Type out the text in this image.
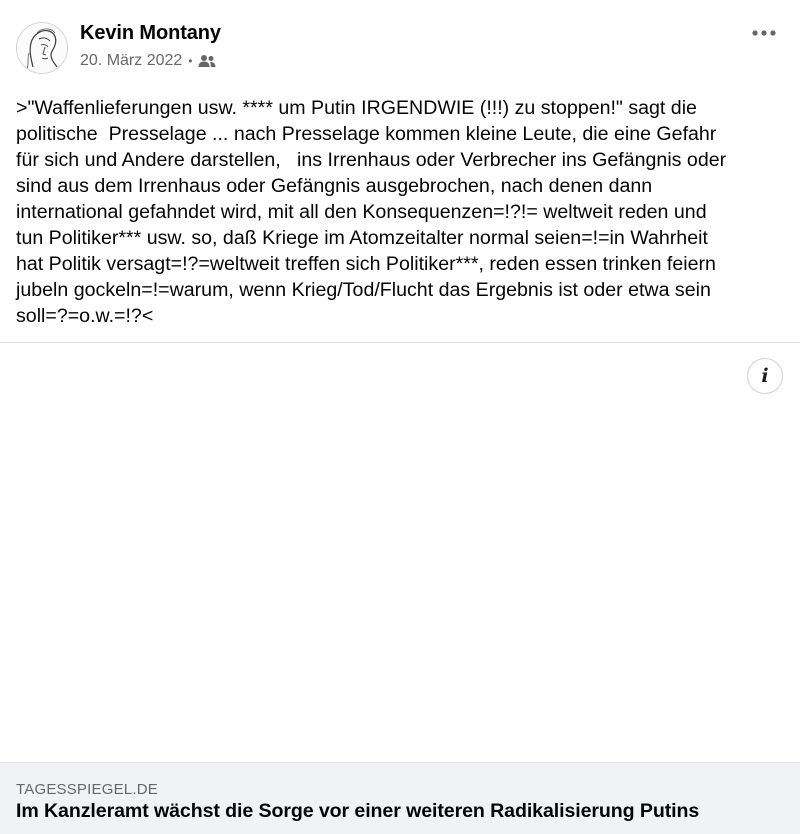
Kevin Montany
20. März 2022 •

>"Waffenlieferungen usw. **** um Putin IRGENDWIE (!!!) zu stoppen!" sagt die
politische  Presselage ... nach Presselage kommen kleine Leute, die eine Gefahr
für sich und Andere darstellen,   ins Irrenhaus oder Verbrecher ins Gefängnis oder
sind aus dem Irrenhaus oder Gefängnis ausgebrochen, nach denen dann
international gefahndet wird, mit all den Konsequenzen=!?!= weltweit reden und
tun Politiker*** usw. so, daß Kriege im Atomzeitalter normal seien=!=in Wahrheit
hat Politik versagt=!?=weltweit treffen sich Politiker***, reden essen trinken feiern
jubeln gockeln=!=warum, wenn Krieg/Tod/Flucht das Ergebnis ist oder etwa sein
soll=?=o.w.=!?<

i
TAGESSPIEGEL.DE
Im Kanzleramt wächst die Sorge vor einer weiteren Radikalisierung Putins
